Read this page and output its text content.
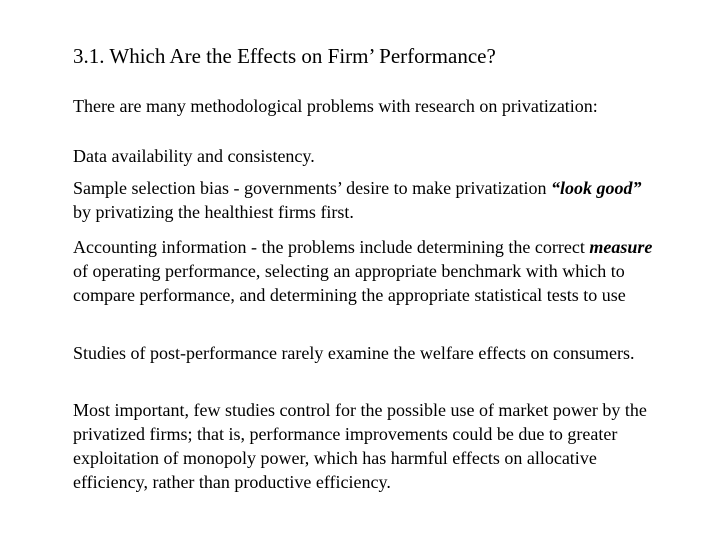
3.1. Which Are the Effects on Firm’ Performance?

There are many methodological problems with research on privatization:

Data availability and consistency.

Sample selection bias - governments’ desire to make privatization “look good” by privatizing the healthiest firms first.

Accounting information - the problems include determining the correct measure of operating performance, selecting an appropriate benchmark with which to compare performance, and determining the appropriate statistical tests to use

Studies of post-performance rarely examine the welfare effects on consumers.

Most important, few studies control for the possible use of market power by the privatized firms; that is, performance improvements could be due to greater exploitation of monopoly power, which has harmful effects on allocative efficiency, rather than productive efficiency.
